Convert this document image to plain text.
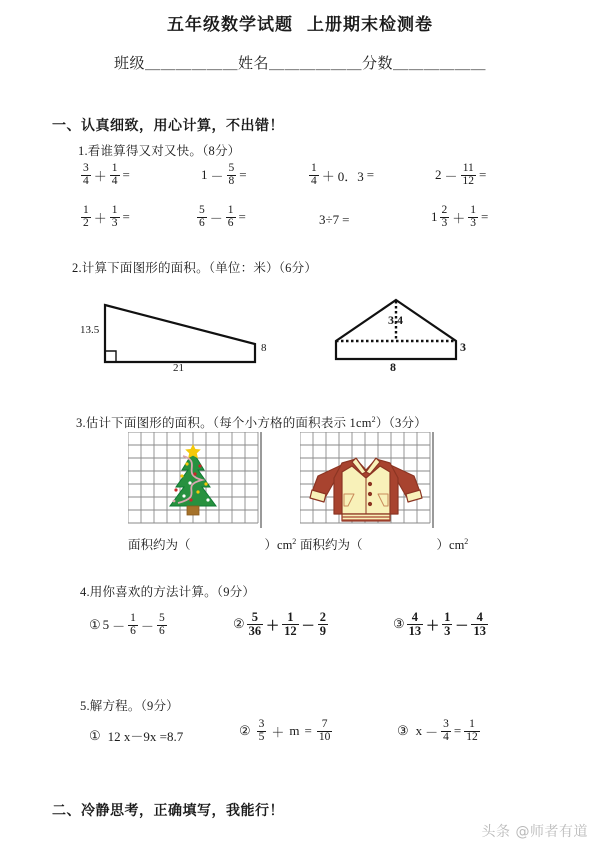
五年级数学试题 上册期末检测卷
班级＿＿＿＿＿＿姓名＿＿＿＿＿＿分数＿＿＿＿＿＿
一、认真细致，用心计算，不出错！
1.看谁算得又对又快。（8分）
$\frac{3}{4} + \frac{1}{4}$ =	$1 - \frac{5}{8}$ =	$\frac{1}{4} + 0$．3 =	$2 - \frac{11}{12}$ =
$\frac{1}{2} + \frac{1}{3}$ =	$\frac{5}{6} - \frac{1}{6}$ =	3÷7 =	$1 \frac{2}{3} + \frac{1}{3}$ =
2.计算下面图形的面积。（单位：米）（6分）
13.5
8
21
3.4
3
8
3.估计下面图形的面积。（每个小方格的面积表示 $1cm^2)(3$分）
面积约为（	）$cm^2$ 面积约为（	）$cm^2$
4.用你喜欢的方法计算。（9分）
① $5 - \frac{1}{6} - \frac{5}{6}$	② $\frac{5}{36} + \frac{1}{12} - \frac{2}{9}$	③ $\frac{4}{13} + \frac{1}{3} - \frac{4}{13}$
5.解方程。（9分）
① 12 x－9x =8.7	② $\frac{3}{5} + m = \frac{7}{10}$	③ $x - \frac{3}{4} = \frac{1}{12}$
二、冷静思考，正确填写，我能行！
头条 @师者有道
